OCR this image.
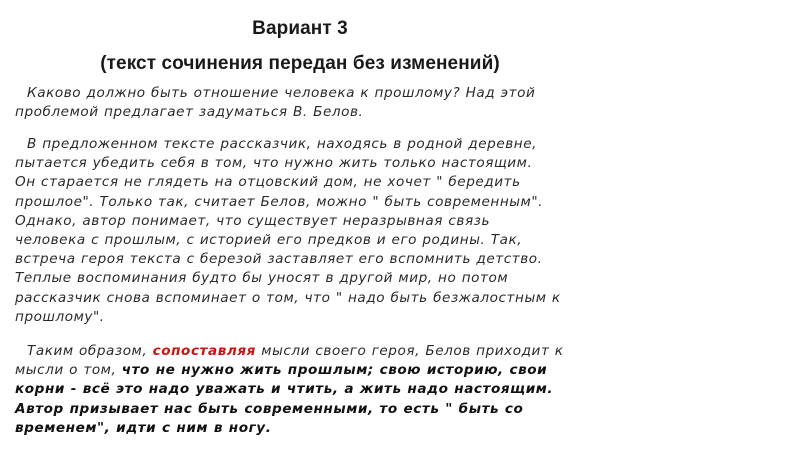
Вариант 3
(текст сочинения передан без изменений)
Каково должно быть отношение человека к прошлому? Над этой
проблемой предлагает задуматься В. Белов.
В предложенном тексте рассказчик, находясь в родной деревне,
пытается убедить себя в том, что нужно жить только настоящим.
Он старается не глядеть на отцовский дом, не хочет " бередить
прошлое". Только так, считает Белов, можно " быть современным".
Однако, автор понимает, что существует неразрывная связь
человека с прошлым, с историей его предков и его родины. Так,
встреча героя текста с березой заставляет его вспомнить детство.
Теплые воспоминания будто бы уносят в другой мир, но потом
рассказчик снова вспоминает о том, что " надо быть безжалостным к
прошлому".
Таким образом, сопоставляя мысли своего героя, Белов приходит к
мысли о том, что не нужно жить прошлым; свою историю, свои
корни - всё это надо уважать и чтить, а жить надо настоящим.
Автор призывает нас быть современными, то есть " быть со
временем", идти с ним в ногу.
